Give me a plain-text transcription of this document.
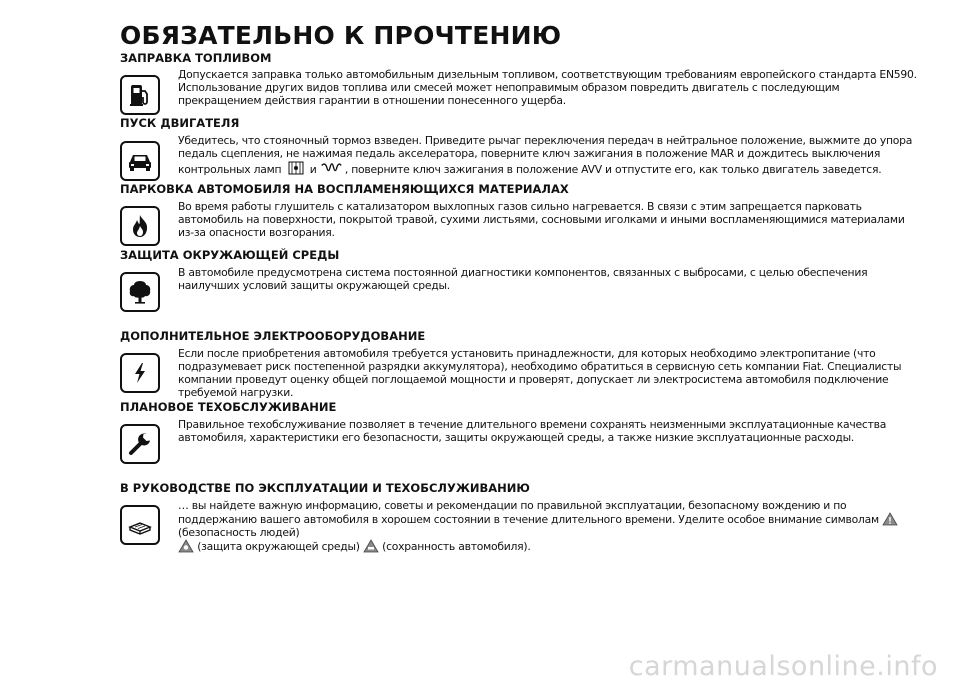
ОБЯЗАТЕЛЬНО К ПРОЧТЕНИЮ
ЗАПРАВКА ТОПЛИВОМ
Допускается заправка только автомобильным дизельным топливом, соответствующим требованиям европейского стандарта EN590. Использование других видов топлива или смесей может непоправимым образом повредить двигатель с последующим прекращением действия гарантии в отношении понесенного ущерба.
ПУСК ДВИГАТЕЛЯ
Убедитесь, что стояночный тормоз взведен. Приведите рычаг переключения передач в нейтральное положение, выжмите до упора педаль сцепления, не нажимая педаль акселератора, поверните ключ зажигания в положение MAR и дождитесь выключения контрольных ламп	и	, поверните ключ зажигания в положение AVV и отпустите его, как только двигатель заведется.
ПАРКОВКА АВТОМОБИЛЯ НА ВОСПЛАМЕНЯЮЩИХСЯ МАТЕРИАЛАХ
Во время работы глушитель с катализатором выхлопных газов сильно нагревается. В связи с этим запрещается парковать автомобиль на поверхности, покрытой травой, сухими листьями, сосновыми иголками и иными воспламеняющимися материалами из-за опасности возгорания.
ЗАЩИТА ОКРУЖАЮЩЕЙ СРЕДЫ
В автомобиле предусмотрена система постоянной диагностики компонентов, связанных с выбросами, с целью обеспечения наилучших условий защиты окружающей среды.
ДОПОЛНИТЕЛЬНОЕ ЭЛЕКТРООБОРУДОВАНИЕ
Если после приобретения автомобиля требуется установить принадлежности, для которых необходимо электропитание (что подразумевает риск постепенной разрядки аккумулятора), необходимо обратиться в сервисную сеть компании Fiat. Специалисты компании проведут оценку общей поглощаемой мощности и проверят, допускает ли электросистема автомобиля подключение требуемой нагрузки.
ПЛАНОВОЕ ТЕХОБСЛУЖИВАНИЕ
Правильное техобслуживание позволяет в течение длительного времени сохранять неизменными эксплуатационные качества автомобиля, характеристики его безопасности, защиты окружающей среды, а также низкие эксплуатационные расходы.
В РУКОВОДСТВЕ ПО ЭКСПЛУАТАЦИИ И ТЕХОБСЛУЖИВАНИЮ
… вы найдете важную информацию, советы и рекомендации по правильной эксплуатации, безопасному вождению и по поддержанию вашего автомобиля в хорошем состоянии в течение длительного времени. Уделите особое внимание символам  (безопасность людей)
(защита окружающей среды) (сохранность автомобиля).
carmanualsonline.info
